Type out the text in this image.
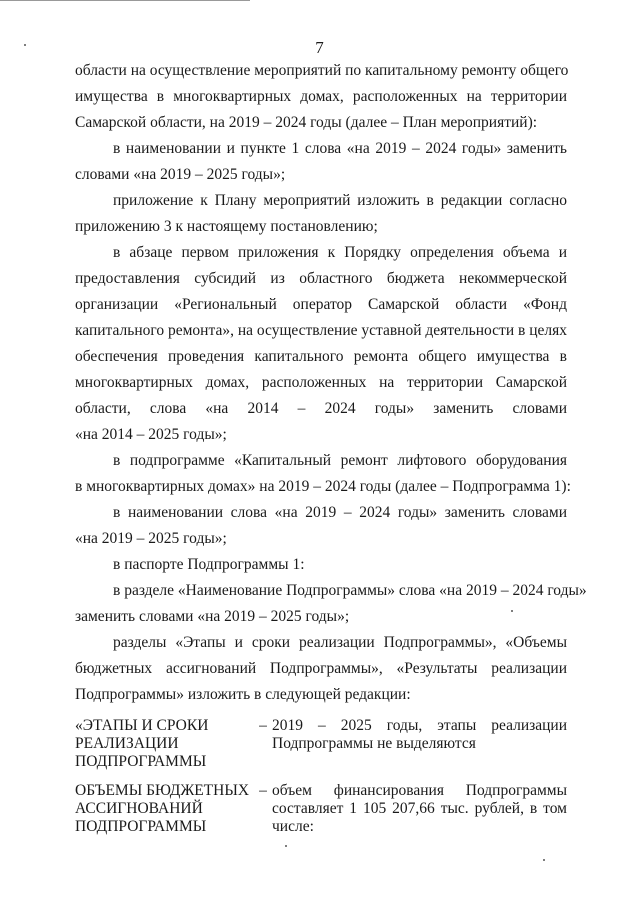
7
области на осуществление мероприятий по капитальному ремонту общего
имущества в многоквартирных домах, расположенных на территории
Самарской области, на 2019 – 2024 годы (далее – План мероприятий):
в наименовании и пункте 1 слова «на 2019 – 2024 годы» заменить
словами «на 2019 – 2025 годы»;
приложение к Плану мероприятий изложить в редакции согласно
приложению 3 к настоящему постановлению;
в абзаце первом приложения к Порядку определения объема и
предоставления субсидий из областного бюджета некоммерческой
организации «Региональный оператор Самарской области «Фонд
капитального ремонта», на осуществление уставной деятельности в целях
обеспечения проведения капитального ремонта общего имущества в
многоквартирных домах, расположенных на территории Самарской
области, слова «на 2014 – 2024 годы» заменить словами
«на 2014 – 2025 годы»;
в подпрограмме «Капитальный ремонт лифтового оборудования
в многоквартирных домах» на 2019 – 2024 годы (далее – Подпрограмма 1):
в наименовании слова «на 2019 – 2024 годы» заменить словами
«на 2019 – 2025 годы»;
в паспорте Подпрограммы 1:
в разделе «Наименование Подпрограммы» слова «на 2019 – 2024 годы»
заменить словами «на 2019 – 2025 годы»;
разделы «Этапы и сроки реализации Подпрограммы», «Объемы
бюджетных ассигнований Подпрограммы», «Результаты реализации
Подпрограммы» изложить в следующей редакции:
«ЭТАПЫ И СРОКИ
РЕАЛИЗАЦИИ
ПОДПРОГРАММЫ
– 2019 – 2025 годы, этапы реализации
Подпрограммы не выделяются
ОБЪЕМЫ БЮДЖЕТНЫХ
АССИГНОВАНИЙ
ПОДПРОГРАММЫ
– объем финансирования Подпрограммы
составляет 1 105 207,66 тыс. рублей, в том
числе:
